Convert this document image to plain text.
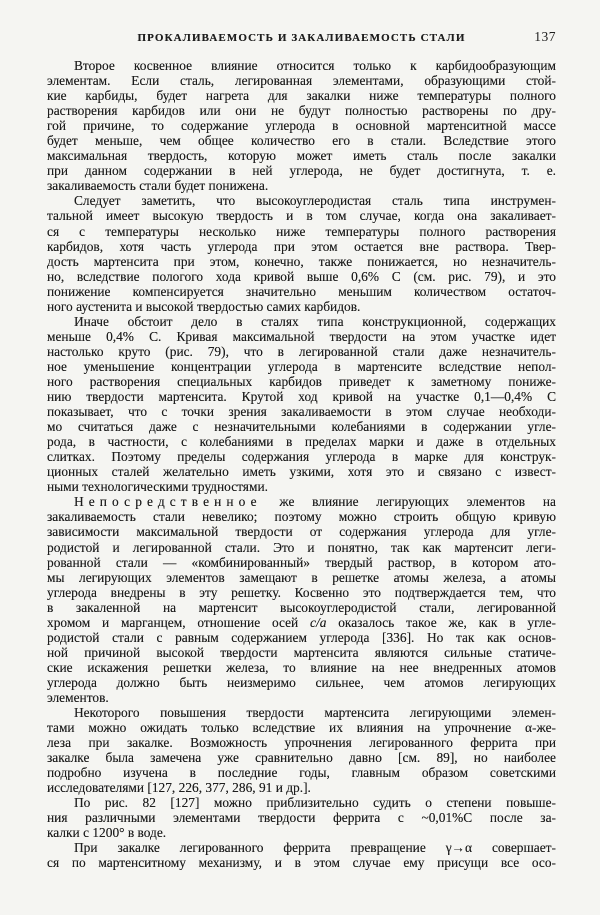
ПРОКАЛИВАЕМОСТЬ И ЗАКАЛИВАЕМОСТЬ СТАЛИ	137
Второе косвенное влияние относится только к карбидообразующим
элементам. Если сталь, легированная элементами, образующими стой-
кие карбиды, будет нагрета для закалки ниже температуры полного
растворения карбидов или они не будут полностью растворены по дру-
гой причине, то содержание углерода в основной мартенситной массе
будет меньше, чем общее количество его в стали. Вследствие этого
максимальная твердость, которую может иметь сталь после закалки
при данном содержании в ней углерода, не будет достигнута, т. е.
закаливаемость стали будет понижена.
Следует заметить, что высокоуглеродистая сталь типа инструмен-
тальной имеет высокую твердость и в том случае, когда она закаливает-
ся с температуры несколько ниже температуры полного растворения
карбидов, хотя часть углерода при этом остается вне раствора. Твер-
дость мартенсита при этом, конечно, также понижается, но незначитель-
но, вследствие пологого хода кривой выше 0,6% С (см. рис. 79), и это
понижение компенсируется значительно меньшим количеством остаточ-
ного аустенита и высокой твердостью самих карбидов.
Иначе обстоит дело в сталях типа конструкционной, содержащих
меньше 0,4% С. Кривая максимальной твердости на этом участке идет
настолько круто (рис. 79), что в легированной стали даже незначитель-
ное уменьшение концентрации углерода в мартенсите вследствие непол-
ного растворения специальных карбидов приведет к заметному пониже-
нию твердости мартенсита. Крутой ход кривой на участке 0,1—0,4% С
показывает, что с точки зрения закаливаемости в этом случае необходи-
мо считаться даже с незначительными колебаниями в содержании угле-
рода, в частности, с колебаниями в пределах марки и даже в отдельных
слитках. Поэтому пределы содержания углерода в марке для конструк-
ционных сталей желательно иметь узкими, хотя это и связано с извест-
ными технологическими трудностями.
Непосредственное же влияние легирующих элементов на
закаливаемость стали невелико; поэтому можно строить общую кривую
зависимости максимальной твердости от содержания углерода для угле-
родистой и легированной стали. Это и понятно, так как мартенсит леги-
рованной стали — «комбинированный» твердый раствор, в котором ато-
мы легирующих элементов замещают в решетке атомы железа, а атомы
углерода внедрены в эту решетку. Косвенно это подтверждается тем, что
в закаленной на мартенсит высокоуглеродистой стали, легированной
хромом и марганцем, отношение осей c/a оказалось такое же, как в угле-
родистой стали с равным содержанием углерода [336]. Но так как основ-
ной причиной высокой твердости мартенсита являются сильные статиче-
ские искажения решетки железа, то влияние на нее внедренных атомов
углерода должно быть неизмеримо сильнее, чем атомов легирующих
элементов.
Некоторого повышения твердости мартенсита легирующими элемен-
тами можно ожидать только вследствие их влияния на упрочнение α-же-
леза при закалке. Возможность упрочнения легированного феррита при
закалке была замечена уже сравнительно давно [см. 89], но наиболее
подробно изучена в последние годы, главным образом советскими
исследователями [127, 226, 377, 286, 91 и др.].
По рис. 82 [127] можно приблизительно судить о степени повыше-
ния различными элементами твердости феррита с ~0,01%С после за-
калки с 1200° в воде.
При закалке легированного феррита превращение γ→α совершает-
ся по мартенситному механизму, и в этом случае ему присущи все осо-
